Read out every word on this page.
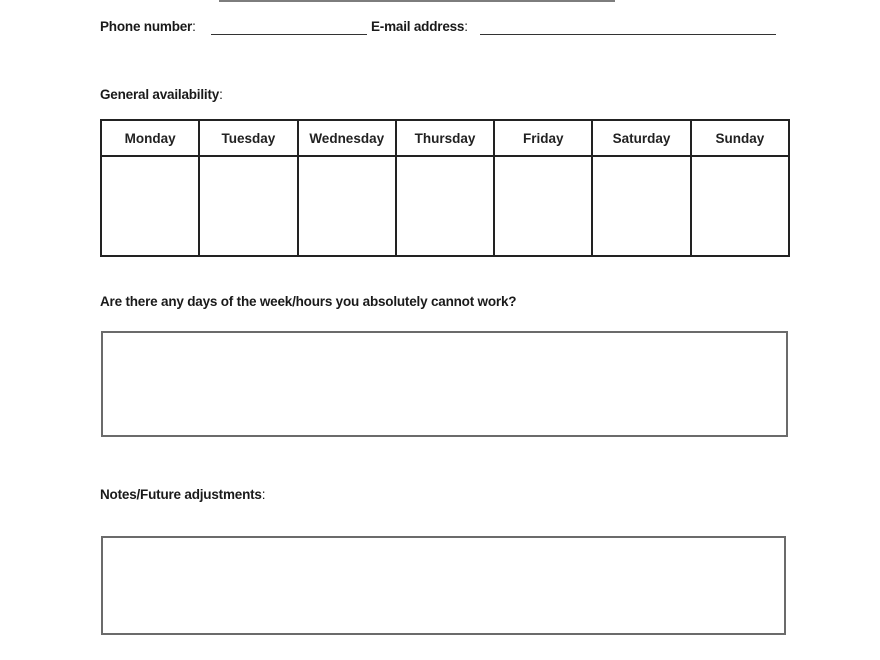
Phone number:	E-mail address:
General availability:
Monday	Tuesday	Wednesday	Thursday	Friday	Saturday	Sunday

Are there any days of the week/hours you absolutely cannot work?
Notes/Future adjustments:
